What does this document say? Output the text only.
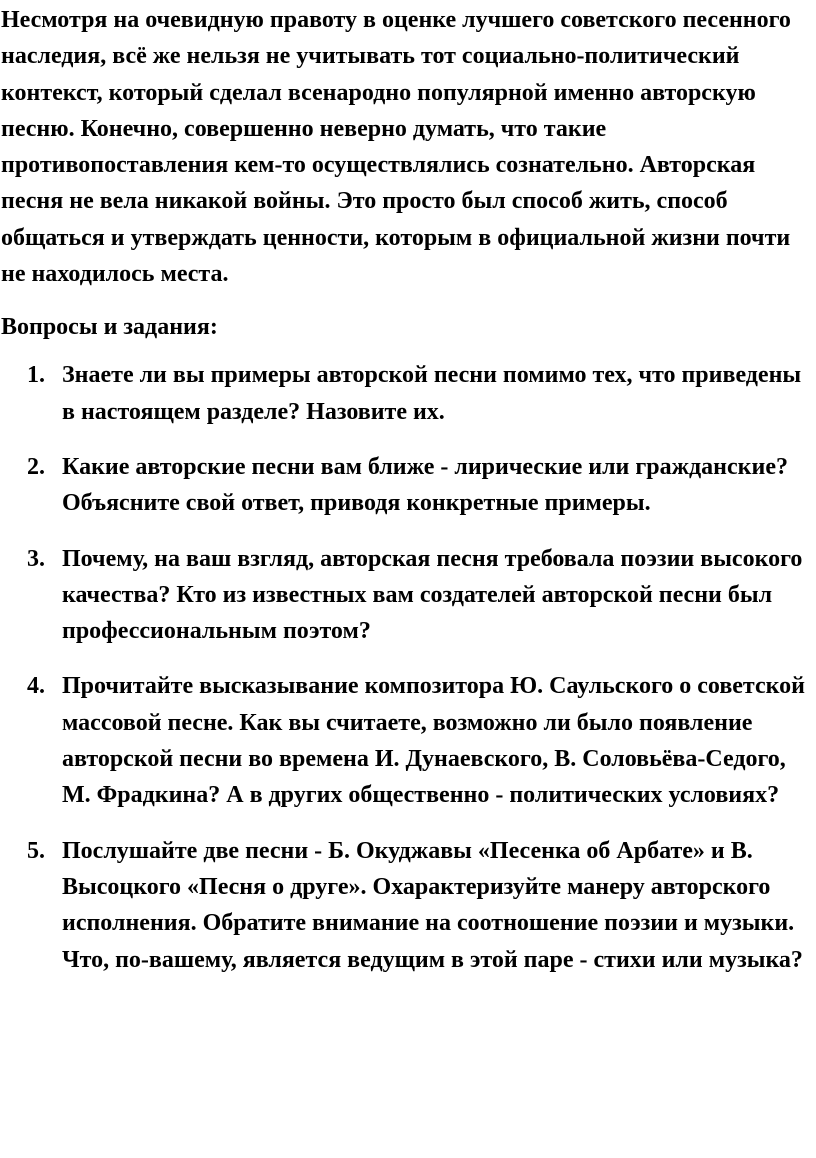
Несмотря на очевидную правоту в оценке лучшего советского песенного наследия, всё же нельзя не учитывать тот социально-политический контекст, который сделал всенародно популярной именно авторскую песню. Конечно, совершенно неверно думать, что такие противопоставления кем-то осуществлялись сознательно. Авторская песня не вела никакой войны. Это просто был способ жить, способ общаться и утверждать ценности, которым в официальной жизни почти не находилось места.

Вопросы и задания:
1. Знаете ли вы примеры авторской песни помимо тех, что приведены в настоящем разделе? Назовите их.
2. Какие авторские песни вам ближе - лирические или гражданские? Объясните свой ответ, приводя конкретные примеры.
3. Почему, на ваш взгляд, авторская песня требовала поэзии высокого качества? Кто из известных вам создателей авторской песни был профессиональным поэтом?
4. Прочитайте высказывание композитора Ю. Саульского о советской массовой песне. Как вы считаете, возможно ли было появление авторской песни во времена И. Дунаевского, В. Соловьёва-Седого, М. Фрадкина? А в других общественно - политических условиях?
5. Послушайте две песни - Б. Окуджавы «Песенка об Арбате» и В. Высоцкого «Песня о друге». Охарактеризуйте манеру авторского исполнения. Обратите внимание на соотношение поэзии и музыки. Что, по-вашему, является ведущим в этой паре - стихи или музыка?
